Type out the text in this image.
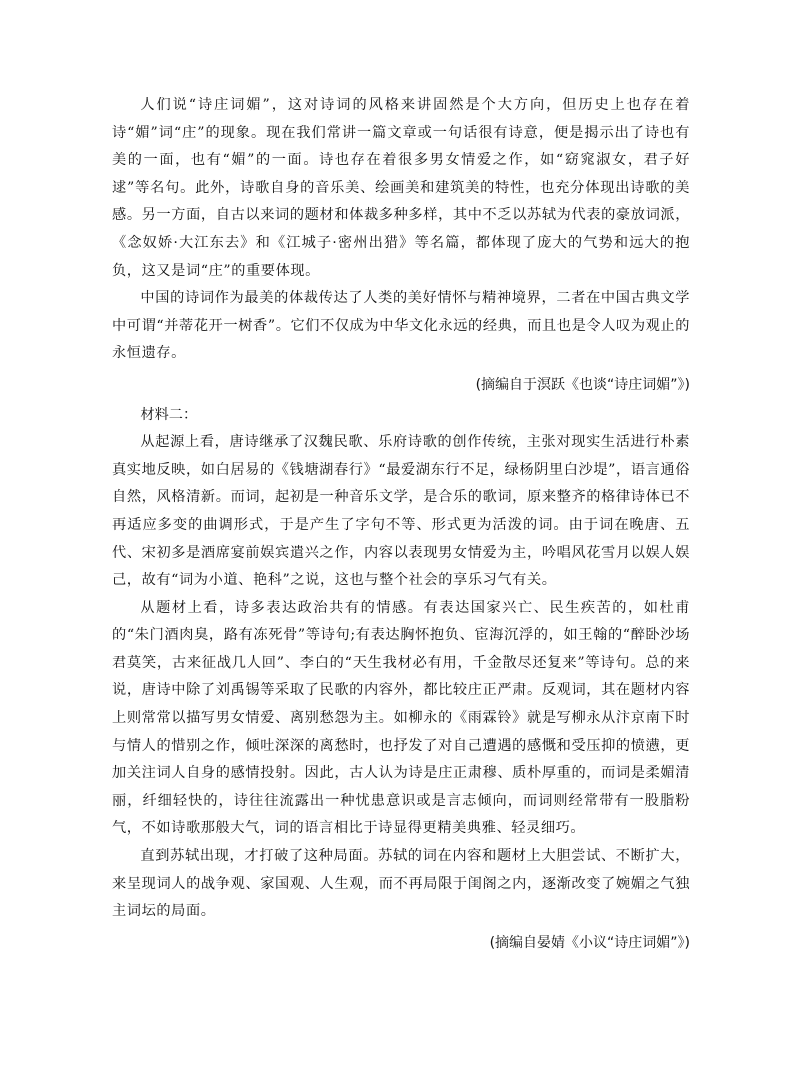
人们说“诗庄词媚”，这对诗词的风格来讲固然是个大方向，但历史上也存在着诗“媚”词“庄”的现象。现在我们常讲一篇文章或一句话很有诗意，便是揭示出了诗也有美的一面，也有“媚”的一面。诗也存在着很多男女情爱之作，如“窈窕淑女，君子好逑”等名句。此外，诗歌自身的音乐美、绘画美和建筑美的特性，也充分体现出诗歌的美感。另一方面，自古以来词的题材和体裁多种多样，其中不乏以苏轼为代表的豪放词派，《念奴娇·大江东去》和《江城子·密州出猎》等名篇，都体现了庞大的气势和远大的抱负，这又是词“庄”的重要体现。

中国的诗词作为最美的体裁传达了人类的美好情怀与精神境界，二者在中国古典文学中可谓“并蒂花开一树香”。它们不仅成为中华文化永远的经典，而且也是令人叹为观止的永恒遗存。

(摘编自于溟跃《也谈“诗庄词媚”》)

材料二：

从起源上看，唐诗继承了汉魏民歌、乐府诗歌的创作传统，主张对现实生活进行朴素真实地反映，如白居易的《钱塘湖春行》“最爱湖东行不足，绿杨阴里白沙堤”，语言通俗自然，风格清新。而词，起初是一种音乐文学，是合乐的歌词，原来整齐的格律诗体已不再适应多变的曲调形式，于是产生了字句不等、形式更为活泼的词。由于词在晚唐、五代、宋初多是酒席宴前娱宾遣兴之作，内容以表现男女情爱为主，吟唱风花雪月以娱人娱己，故有“词为小道、艳科”之说，这也与整个社会的享乐习气有关。

从题材上看，诗多表达政治共有的情感。有表达国家兴亡、民生疾苦的，如杜甫的“朱门酒肉臭，路有冻死骨”等诗句;有表达胸怀抱负、宦海沉浮的，如王翰的“醉卧沙场君莫笑，古来征战几人回”、李白的“天生我材必有用，千金散尽还复来”等诗句。总的来说，唐诗中除了刘禹锡等采取了民歌的内容外，都比较庄正严肃。反观词，其在题材内容上则常常以描写男女情爱、离别愁怨为主。如柳永的《雨霖铃》就是写柳永从汴京南下时与情人的惜别之作，倾吐深深的离愁时，也抒发了对自己遭遇的感慨和受压抑的愤懑，更加关注词人自身的感情投射。因此，古人认为诗是庄正肃穆、质朴厚重的，而词是柔媚清丽，纤细轻快的，诗往往流露出一种忧患意识或是言志倾向，而词则经常带有一股脂粉气，不如诗歌那般大气，词的语言相比于诗显得更精美典雅、轻灵细巧。

直到苏轼出现，才打破了这种局面。苏轼的词在内容和题材上大胆尝试、不断扩大，来呈现词人的战争观、家国观、人生观，而不再局限于闺阁之内，逐渐改变了婉媚之气独主词坛的局面。

(摘编自晏婧《小议“诗庄词媚”》)
